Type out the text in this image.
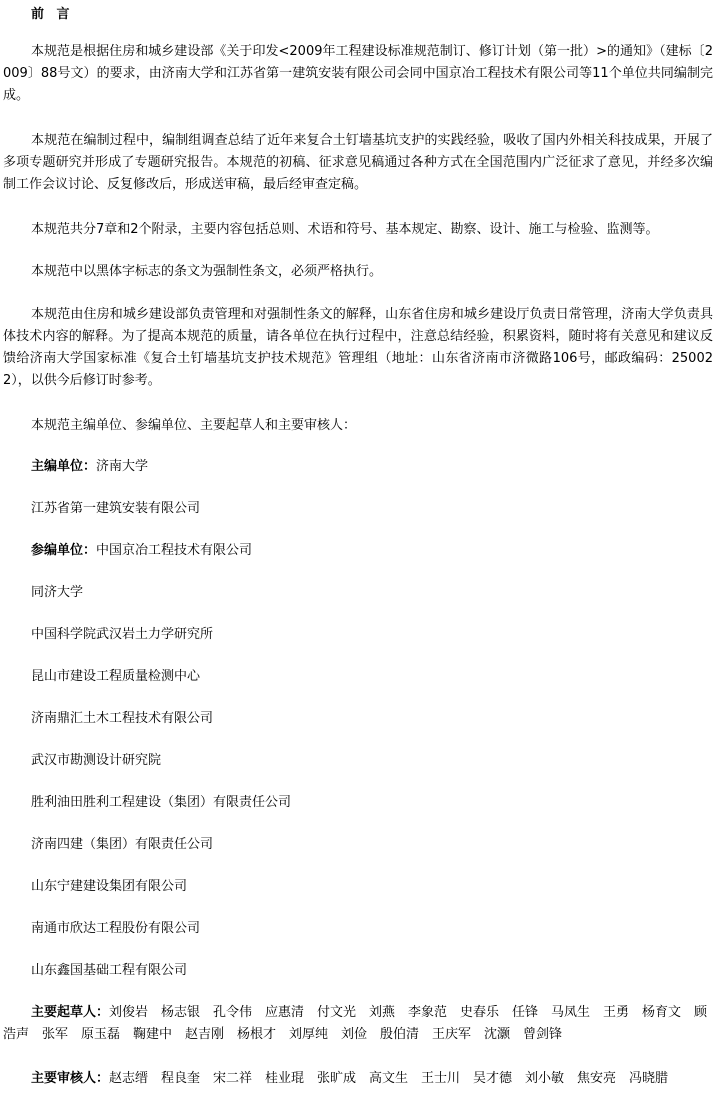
前 言

本规范是根据住房和城乡建设部《关于印发<2009年工程建设标准规范制订、修订计划（第一批）>的通知》（建标〔2009〕88号文）的要求，由济南大学和江苏省第一建筑安装有限公司会同中国京冶工程技术有限公司等11个单位共同编制完成。

本规范在编制过程中，编制组调查总结了近年来复合土钉墙基坑支护的实践经验，吸收了国内外相关科技成果，开展了多项专题研究并形成了专题研究报告。本规范的初稿、征求意见稿通过各种方式在全国范围内广泛征求了意见，并经多次编制工作会议讨论、反复修改后，形成送审稿，最后经审查定稿。

本规范共分7章和2个附录，主要内容包括总则、术语和符号、基本规定、勘察、设计、施工与检验、监测等。

本规范中以黑体字标志的条文为强制性条文，必须严格执行。

本规范由住房和城乡建设部负责管理和对强制性条文的解释，山东省住房和城乡建设厅负责日常管理，济南大学负责具体技术内容的解释。为了提高本规范的质量，请各单位在执行过程中，注意总结经验，积累资料，随时将有关意见和建议反馈给济南大学国家标准《复合土钉墙基坑支护技术规范》管理组（地址：山东省济南市济微路106号，邮政编码：250022），以供今后修订时参考。

本规范主编单位、参编单位、主要起草人和主要审核人：

主编单位：济南大学

江苏省第一建筑安装有限公司

参编单位：中国京冶工程技术有限公司

同济大学

中国科学院武汉岩土力学研究所

昆山市建设工程质量检测中心

济南鼎汇土木工程技术有限公司

武汉市勘测设计研究院

胜利油田胜利工程建设（集团）有限责任公司

济南四建（集团）有限责任公司

山东宁建建设集团有限公司

南通市欣达工程股份有限公司

山东鑫国基础工程有限公司

主要起草人：刘俊岩　杨志银　孔令伟　应惠清　付文光　刘燕　李象范　史春乐　任锋　马凤生　王勇　杨育文　顾浩声　张军　原玉磊　鞠建中　赵吉刚　杨根才　刘厚纯　刘俭　殷伯清　王庆军　沈灏　曾剑锋

主要审核人：赵志缙　程良奎　宋二祥　桂业琨　张旷成　高文生　王士川　吴才德　刘小敏　焦安亮　冯晓腊
